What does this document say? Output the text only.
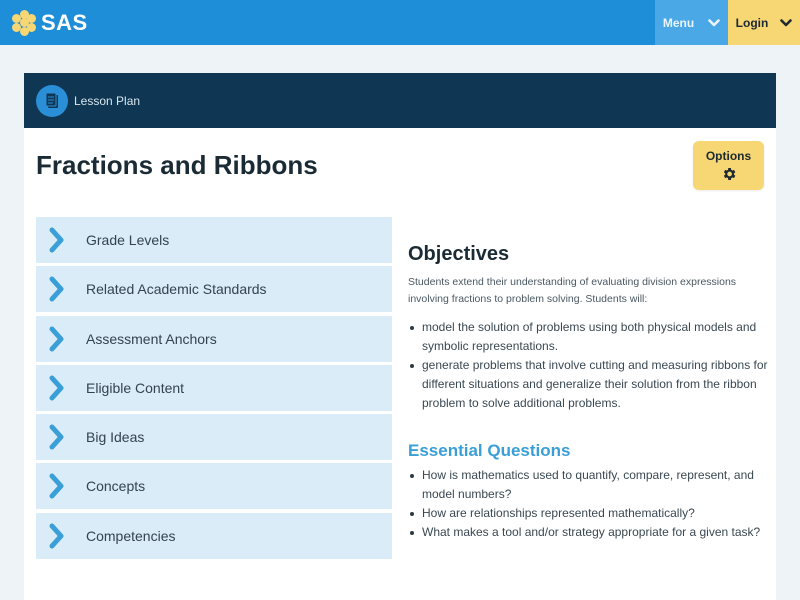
SAS	Menu	Login
Lesson Plan
Fractions and Ribbons	Options
Grade Levels
Related Academic Standards
Assessment Anchors
Eligible Content
Big Ideas
Concepts
Competencies
Objectives

Students extend their understanding of evaluating division expressions involving fractions to problem solving. Students will:

model the solution of problems using both physical models and symbolic representations.
generate problems that involve cutting and measuring ribbons for different situations and generalize their solution from the ribbon problem to solve additional problems.
Essential Questions
How is mathematics used to quantify, compare, represent, and model numbers?
How are relationships represented mathematically?
What makes a tool and/or strategy appropriate for a given task?
